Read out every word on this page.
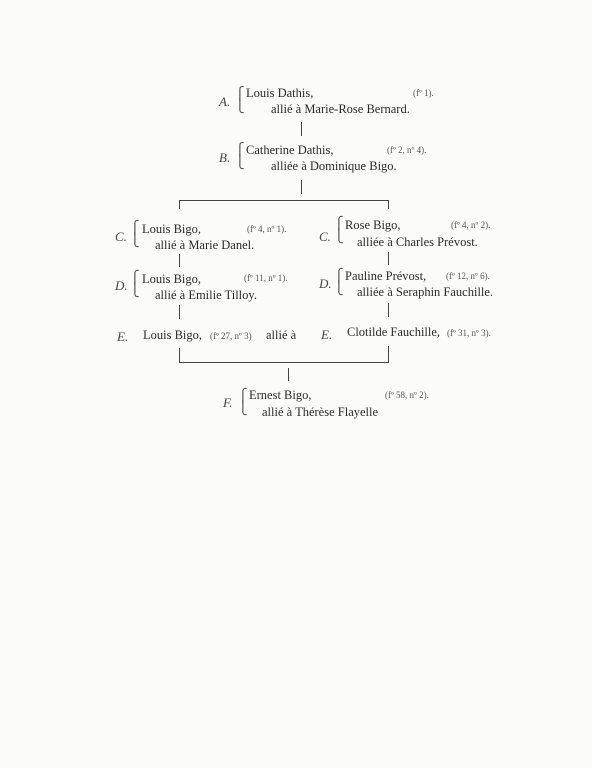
A.
⎧
⎩
Louis Dathis,	(fº 1).
allié à Marie-Rose Bernard.
B.
⎧
⎩
Catherine Dathis,	(fº 2, nº 4).
alliée à Dominique Bigo.
C.
⎧
⎩
Louis Bigo,	(fº 4, nº 1).
allié à Marie Danel.
C.
⎧
⎩
Rose Bigo,	(fº 4, nº 2).
alliée à Charles Prévost.
D.
⎧
⎩
Louis Bigo,	(fº 11, nº 1).
allié à Emilie Tilloy.
D.
⎧
⎩
Pauline Prévost, (fº 12, nº 6).
alliée à Seraphin Fauchille.
E. Louis Bigo, (fº 27, nº 3) allié à E. Clotilde Fauchille, (fº 31, nº 3).
F. ⎧
⎩
Ernest Bigo,	(fº 58, nº 2).
allié à Thérèse Flayelle
